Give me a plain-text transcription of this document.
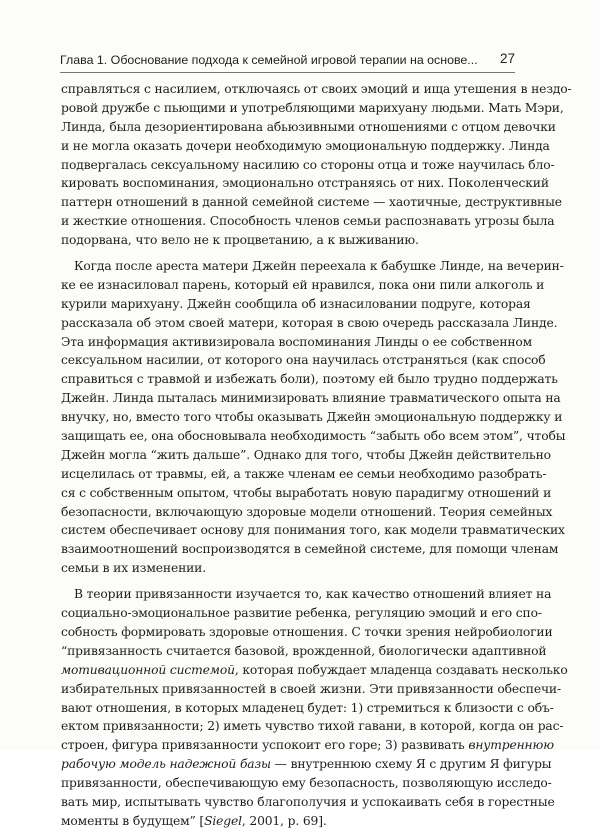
Глава 1. Обоснование подхода к семейной игровой терапии на основе... 27
справляться с насилием, отключаясь от своих эмоций и ища утешения в нездо-
ровой дружбе с пьющими и употребляющими марихуану людьми. Мать Мэри,
Линда, была дезориентирована абьюзивными отношениями с отцом девочки
и не могла оказать дочери необходимую эмоциональную поддержку. Линда
подвергалась сексуальному насилию со стороны отца и тоже научилась бло-
кировать воспоминания, эмоционально отстраняясь от них. Поколенческий
паттерн отношений в данной семейной системе — хаотичные, деструктивные
и жесткие отношения. Способность членов семьи распознавать угрозы была
подорвана, что вело не к процветанию, а к выживанию.
Когда после ареста матери Джейн переехала к бабушке Линде, на вечерин-
ке ее изнасиловал парень, который ей нравился, пока они пили алкоголь и
курили марихуану. Джейн сообщила об изнасиловании подруге, которая
рассказала об этом своей матери, которая в свою очередь рассказала Линде.
Эта информация активизировала воспоминания Линды о ее собственном
сексуальном насилии, от которого она научилась отстраняться (как способ
справиться с травмой и избежать боли), поэтому ей было трудно поддержать
Джейн. Линда пыталась минимизировать влияние травматического опыта на
внучку, но, вместо того чтобы оказывать Джейн эмоциональную поддержку и
защищать ее, она обосновывала необходимость “забыть обо всем этом”, чтобы
Джейн могла “жить дальше”. Однако для того, чтобы Джейн действительно
исцелилась от травмы, ей, а также членам ее семьи необходимо разобрать-
ся с собственным опытом, чтобы выработать новую парадигму отношений и
безопасности, включающую здоровые модели отношений. Теория семейных
систем обеспечивает основу для понимания того, как модели травматических
взаимоотношений воспроизводятся в семейной системе, для помощи членам
семьи в их изменении.
В теории привязанности изучается то, как качество отношений влияет на
социально-эмоциональное развитие ребенка, регуляцию эмоций и его спо-
собность формировать здоровые отношения. С точки зрения нейробиологии
“привязанность считается базовой, врожденной, биологически адаптивной
мотивационной системой, которая побуждает младенца создавать несколько
избирательных привязанностей в своей жизни. Эти привязанности обеспечи-
вают отношения, в которых младенец будет: 1) стремиться к близости с объ-
ектом привязанности; 2) иметь чувство тихой гавани, в которой, когда он рас-
строен, фигура привязанности успокоит его горе; 3) развивать внутреннюю
рабочую модель надежной базы — внутреннюю схему Я с другим Я фигуры
привязанности, обеспечивающую ему безопасность, позволяющую исследо-
вать мир, испытывать чувство благополучия и успокаивать себя в горестные
моменты в будущем” [Siegel, 2001, p. 69].
